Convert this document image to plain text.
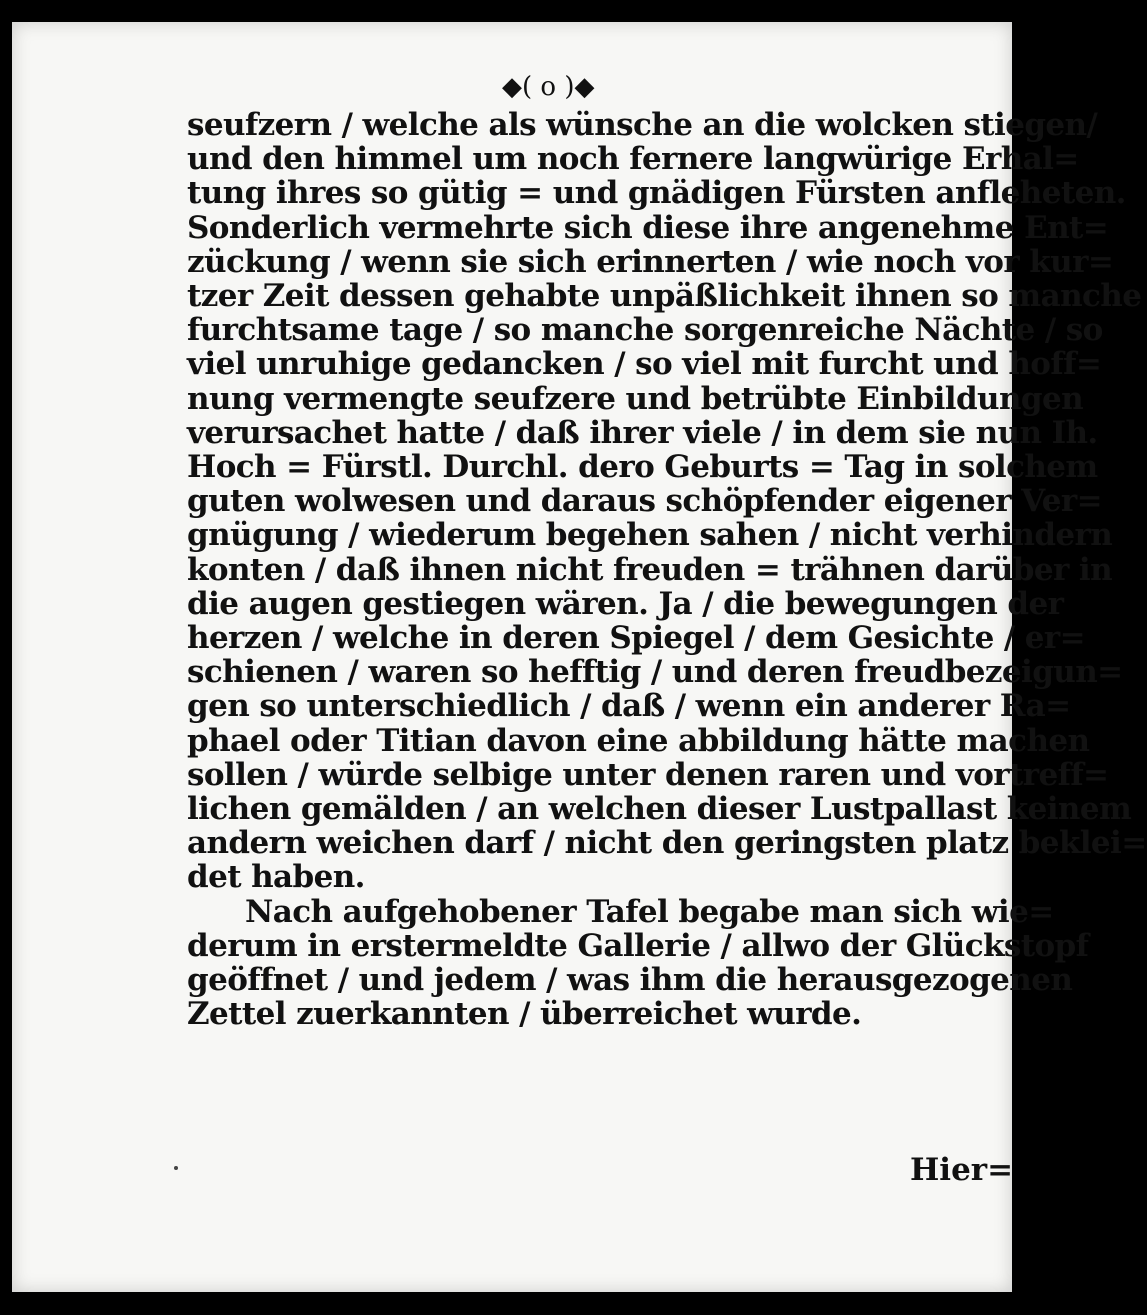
◆( o )◆
seufzern / welche als wünsche an die wolcken stiegen/
und den himmel um noch fernere langwürige Erhal=
tung ihres so gütig = und gnädigen Fürsten anfleheten.
Sonderlich vermehrte sich diese ihre angenehme Ent=
zückung / wenn sie sich erinnerten / wie noch vor kur=
tzer Zeit dessen gehabte unpäßlichkeit ihnen so manche
furchtsame tage / so manche sorgenreiche Nächte / so
viel unruhige gedancken / so viel mit furcht und hoff=
nung vermengte seufzere und betrübte Einbildungen
verursachet hatte / daß ihrer viele / in dem sie nun Ih.
Hoch = Fürstl. Durchl. dero Geburts = Tag in solchem
guten wolwesen und daraus schöpfender eigener Ver=
gnügung / wiederum begehen sahen / nicht verhindern
konten / daß ihnen nicht freuden = trähnen darüber in
die augen gestiegen wären. Ja / die bewegungen der
herzen / welche in deren Spiegel / dem Gesichte / er=
schienen / waren so hefftig / und deren freudbezeigun=
gen so unterschiedlich / daß / wenn ein anderer Ra=
phael oder Titian davon eine abbildung hätte machen
sollen / würde selbige unter denen raren und vortreff=
lichen gemälden / an welchen dieser Lustpallast keinem
andern weichen darf / nicht den geringsten platz beklei=
det haben.
Nach aufgehobener Tafel begabe man sich wie=
derum in erstermeldte Gallerie / allwo der Glückstopf
geöffnet / und jedem / was ihm die herausgezogenen
Zettel zuerkannten / überreichet wurde.
Hier=
